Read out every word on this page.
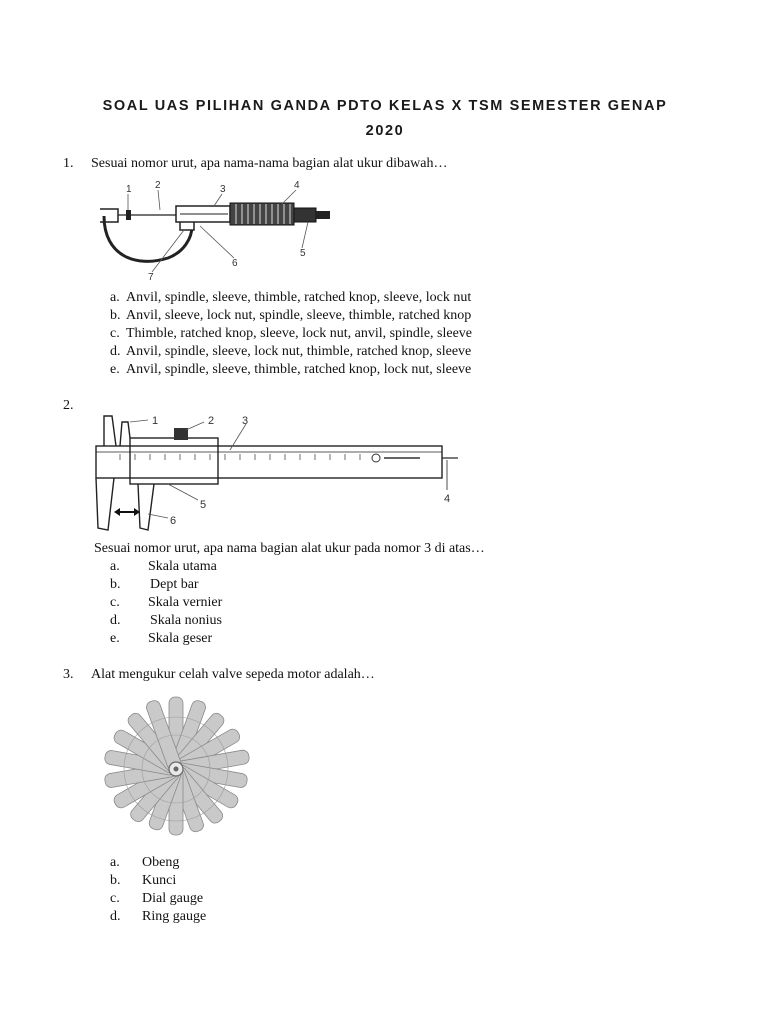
SOAL UAS PILIHAN GANDA PDTO KELAS X TSM SEMESTER GENAP
2020
1. Sesuai nomor urut, apa nama-nama bagian alat ukur dibawah…
1 2	3	4
5
6
7
a. Anvil, spindle, sleeve, thimble, ratched knop, sleeve, lock nut
b. Anvil, sleeve, lock nut, spindle, sleeve, thimble, ratched knop
c. Thimble, ratched knop, sleeve, lock nut, anvil, spindle, sleeve
d. Anvil, spindle, sleeve, lock nut, thimble, ratched knop, sleeve
e. Anvil, spindle, sleeve, thimble, ratched knop, lock nut, sleeve
2.
1	2	3
4
5
6
Sesuai nomor urut, apa nama bagian alat ukur pada nomor 3 di atas…
a. Skala utama
b. Dept bar
c. Skala vernier
d. Skala nonius
e. Skala geser
3. Alat mengukur celah valve sepeda motor adalah…
a. Obeng
b. Kunci
c. Dial gauge
d. Ring gauge
